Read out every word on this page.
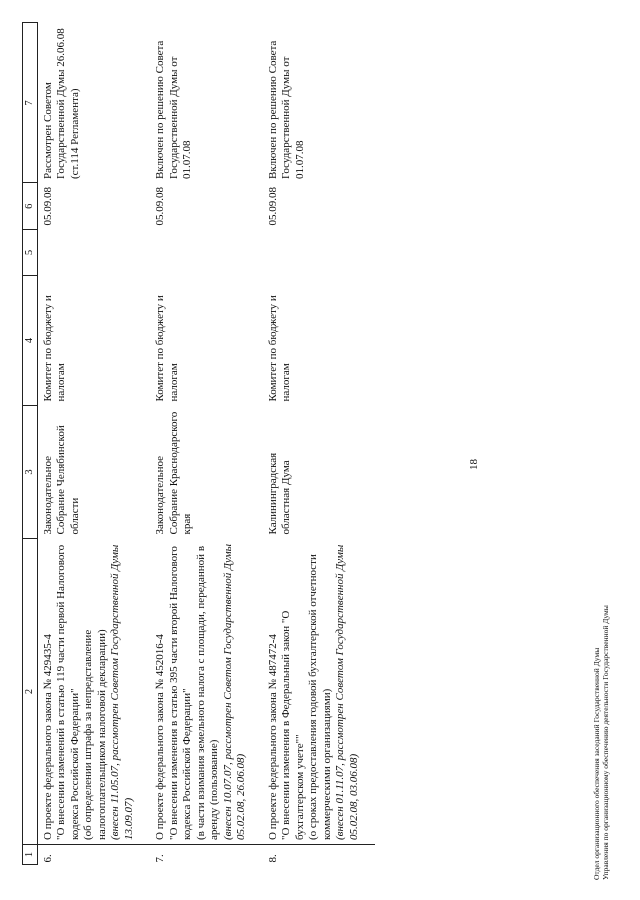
18
1	2	3	4	5	6	7
6.	О проекте федерального закона № 429435-4 "О внесении изменений в статью 119 части первой Налогового кодекса Российской Федерации" (об определении штрафа за непредставление налогоплательщиком налоговой декларации) (внесен 11.05.07, рассмотрен Советом Государственной Думы 13.09.07)	Законодательное Собрание Челябинской области	Комитет по бюджету и налогам		05.09.08	Рассмотрен Советом Государственной Думы 26.06.08 (ст.114 Регламента)
7.	О проекте федерального закона № 452016-4 "О внесении изменения в статью 395 части второй Налогового кодекса Российской Федерации" (в части взимания земельного налога с площади, переданной в аренду (пользование) (внесен 10.07.07, рассмотрен Советом Государственной Думы 05.02.08, 26.06.08)	Законодательное Собрание Краснодарского края	Комитет по бюджету и налогам		05.09.08	Включен по решению Совета Государственной Думы от 01.07.08
8.	О проекте федерального закона № 487472-4 "О внесении изменения в Федеральный закон "О бухгалтерском учете"" (о сроках предоставления годовой бухгалтерской отчетности коммерческими организациями) (внесен 01.11.07, рассмотрен Советом Государственной Думы 05.02.08, 03.06.08)	Калининградская областная Дума	Комитет по бюджету и налогам		05.09.08	Включен по решению Совета Государственной Думы от 01.07.08
Отдел организационного обеспечения заседаний Государственной Думы Управления по организационному обеспечению деятельности Государственной Думы
